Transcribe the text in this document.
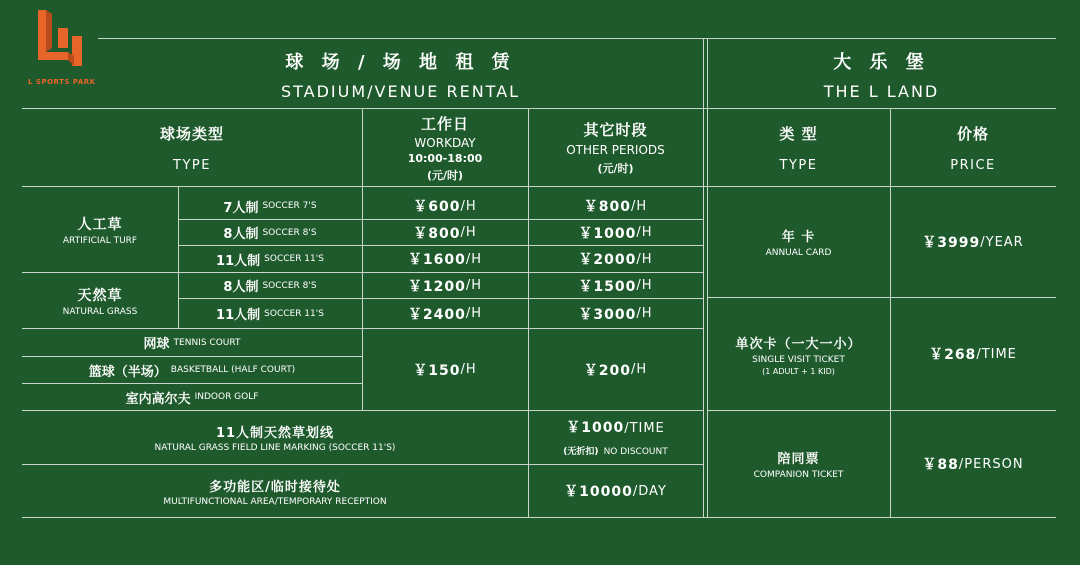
L SPORTS PARK
球 场 / 场 地 租 赁
STADIUM/VENUE RENTAL
大 乐 堡
THE L LAND
球场类型
TYPE
工作日
WORKDAY
10:00-18:00
(元/时)
其它时段
OTHER PERIODS
(元/时)
类 型
TYPE
价格
PRICE
人工草
ARTIFICIAL TURF
天然草
NATURAL GRASS
7人制 SOCCER 7'S
8人制 SOCCER 8'S
11人制 SOCCER 11'S
8人制 SOCCER 8'S
11人制 SOCCER 11'S
￥600 /H
￥800 /H
￥1600 /H
￥1200 /H
￥2400 /H
￥800 /H
￥1000 /H
￥2000 /H
￥1500 /H
￥3000 /H
网球 TENNIS COURT
篮球（半场） BASKETBALL (HALF COURT)
室内高尔夫 INDOOR GOLF
￥150 /H	￥200 /H
11人制天然草划线
NATURAL GRASS FIELD LINE MARKING (SOCCER 11'S)
￥1000/TIME
(无折扣) NO DISCOUNT
多功能区/临时接待处
MULTIFUNCTIONAL AREA/TEMPORARY RECEPTION
￥10000 /DAY
年 卡
ANNUAL CARD
￥3999 /YEAR
单次卡（一大一小）
SINGLE VISIT TICKET
(1 ADULT + 1 KID)
￥268 /TIME
陪同票
COMPANION TICKET
￥88 /PERSON
